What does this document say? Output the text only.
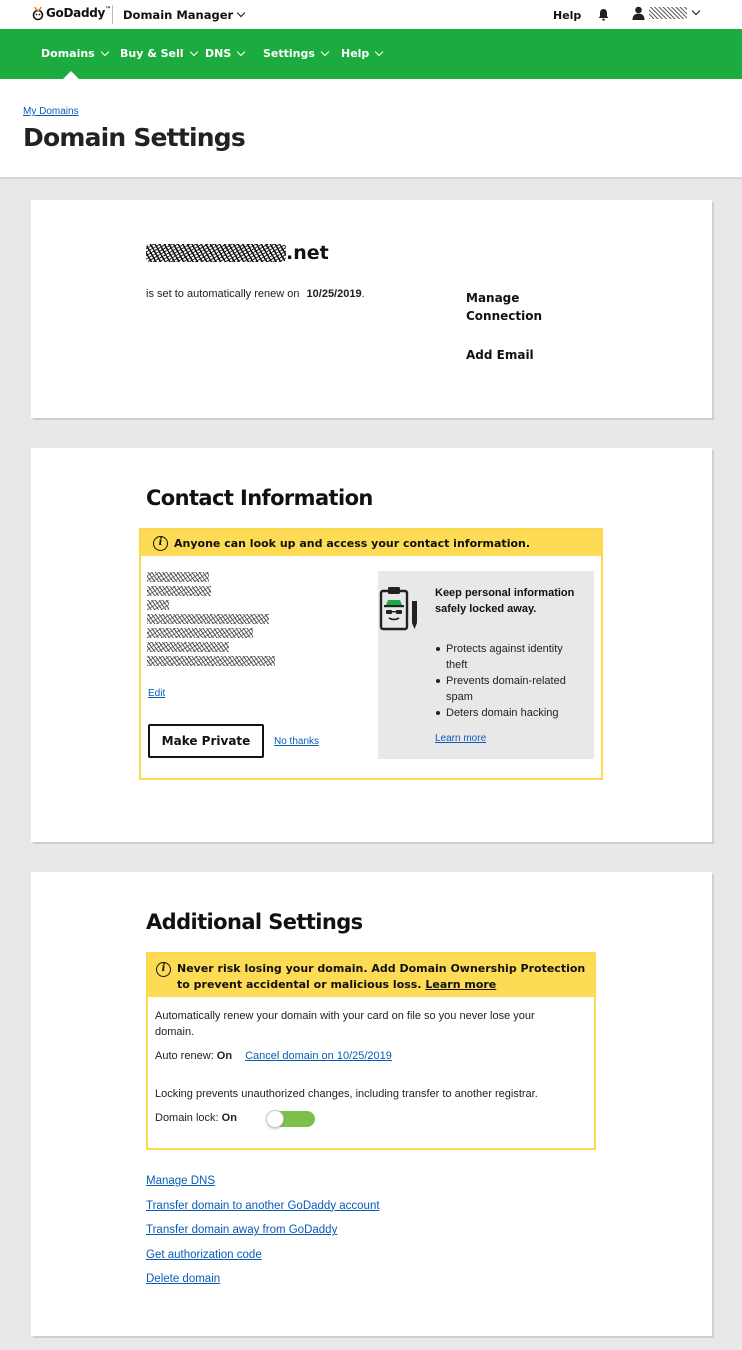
GoDaddy™ Domain Manager	Help
Domains Buy & Sell DNS	Settings Help
My Domains
Domain Settings
.net
is set to automatically renew on 10/25/2019.	Manage
Connection
Add Email
Contact Information
i	Anyone can look up and access your contact information.
Edit
Make Private	No thanks
Keep personal information safely locked away.
Protects against identity theft
Prevents domain-related spam
Deters domain hacking
Learn more
Additional Settings
i	Never risk losing your domain. Add Domain Ownership Protection to prevent accidental or malicious loss. Learn more
Automatically renew your domain with your card on file so you never lose your domain.
Auto renew: On Cancel domain on 10/25/2019
Locking prevents unauthorized changes, including transfer to another registrar.
Domain lock: On
Manage DNS
Transfer domain to another GoDaddy account
Transfer domain away from GoDaddy
Get authorization code
Delete domain
